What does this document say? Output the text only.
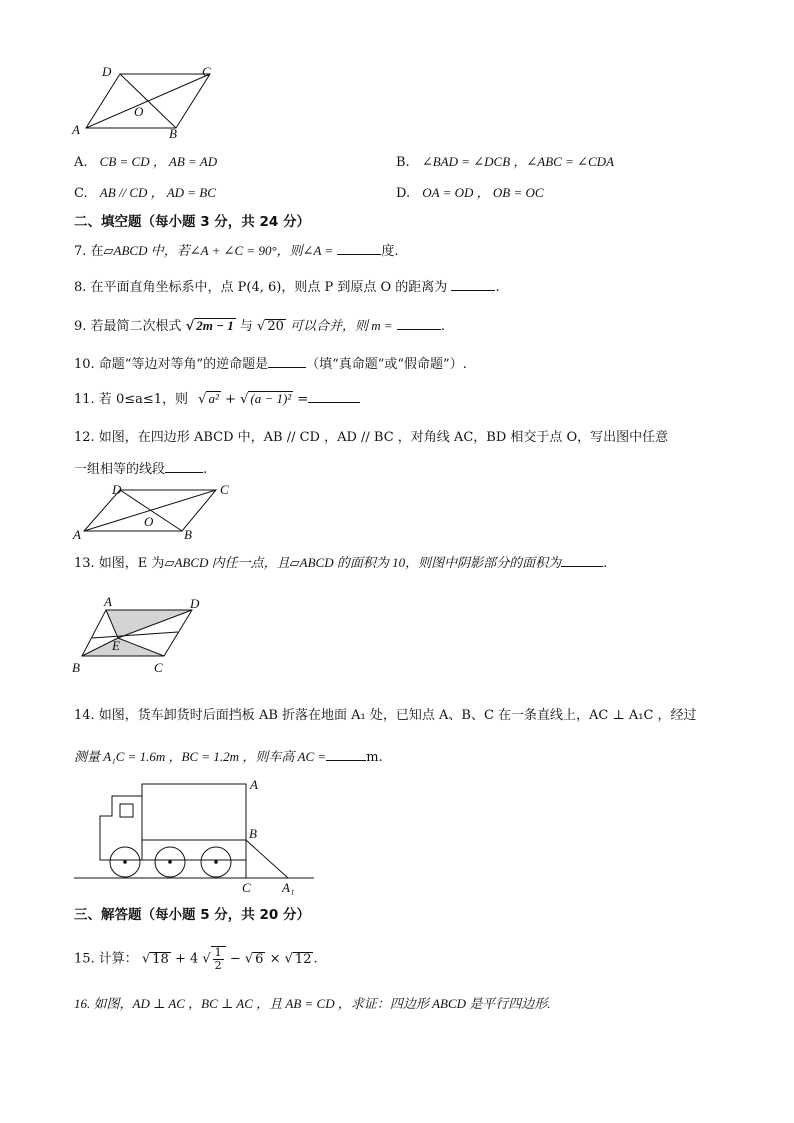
D	C
A	B
O
A. CB = CD ， AB = AD	B. ∠BAD = ∠DCB ，∠ABC = ∠CDA
C. AB // CD ， AD = BC	D. OA = OD ， OB = OC
二、填空题（每小题 3 分，共 24 分）
7. 在▱ABCD 中，若∠A + ∠C = 90°，则∠A =	度.
8. 在平面直角坐标系中，点 P(4, 6)，则点 P 到原点 O 的距离为	.
9. 若最简二次根式 √ 2m − 1 与 √ 20 可以合并，则 m =	.
10. 命题“等边对等角”的逆命题是	（填“真命题”或“假命题”）.
11. 若 0≤a≤1，则 √ a² + √ (a − 1)² =
12. 如图，在四边形 ABCD 中，AB // CD ，AD // BC ，对角线 AC，BD 相交于点 O，写出图中任意
一组相等的线段	.
D	C
A	B
O
13. 如图，E 为▱ABCD 内任一点，且▱ABCD 的面积为 10，则图中阴影部分的面积为	.
A	D
E
B	C
14. 如图，货车卸货时后面挡板 AB 折落在地面 A₁ 处，已知点 A、B、C 在一条直线上，AC ⊥ A₁C ，经过
测量 A₁C = 1.6m ，BC = 1.2m ，则车高 AC =	m.
A
B
C A₁
三、解答题（每小题 5 分，共 20 分）
15. 计算： √ 18 + 4 √ $\frac{1}{2}$ − √ 6 × √ 12 .
16. 如图，AD ⊥ AC ，BC ⊥ AC ，且 AB = CD ，求证：四边形 ABCD 是平行四边形.
